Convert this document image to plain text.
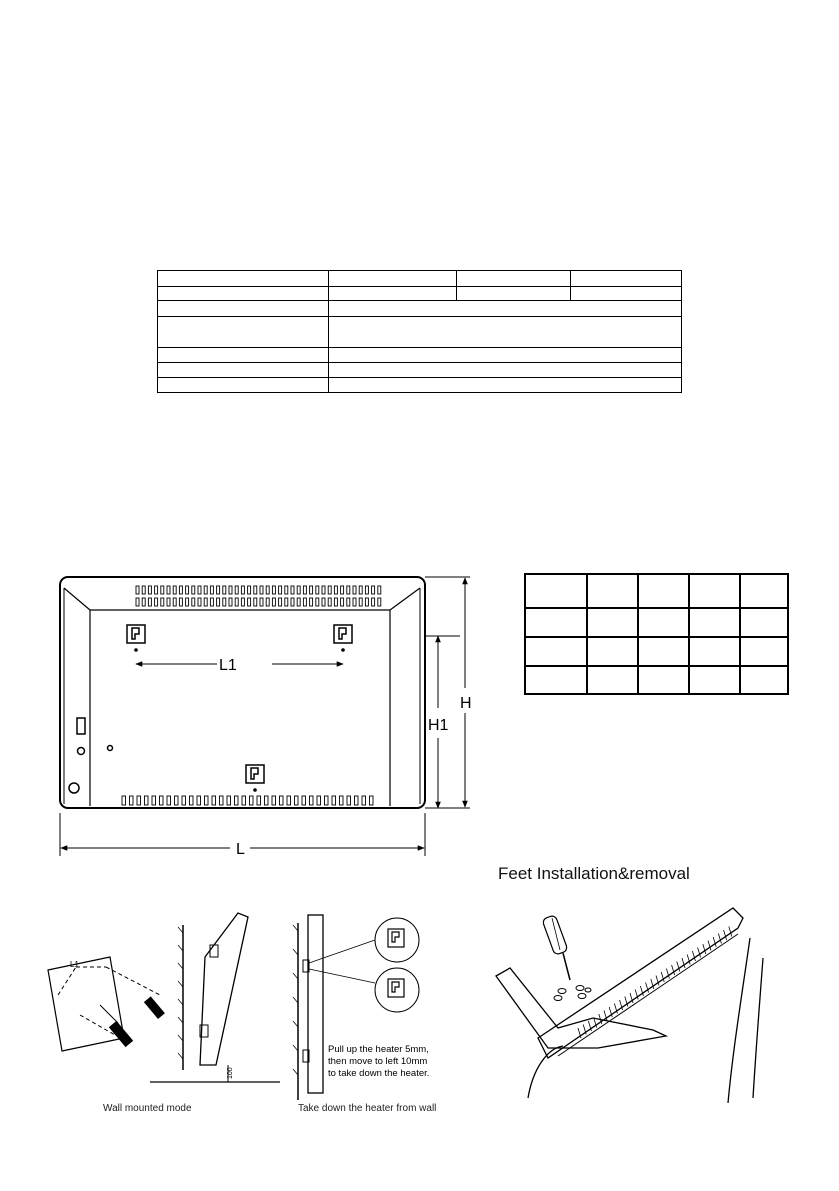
L1
H1
H
L

L1
100
Pull up the heater 5mm,
then move to left 10mm
to take down the heater.
Wall mounted mode	Take down the heater from wall
Feet Installation&removal
